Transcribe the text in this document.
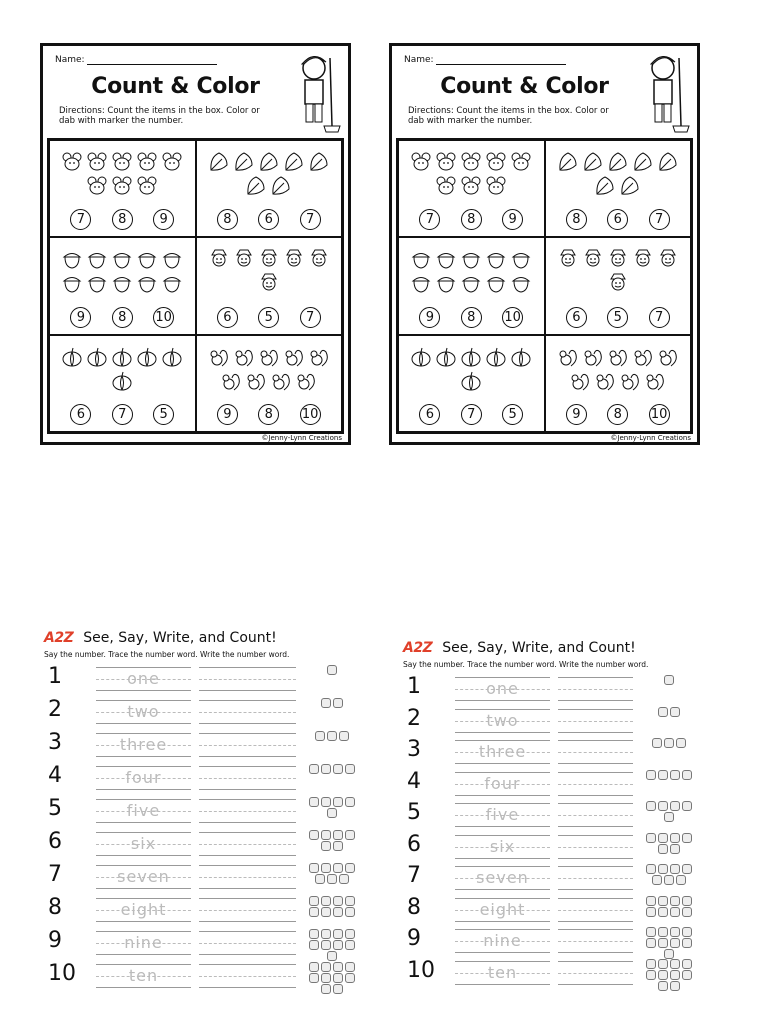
Name:
Count & Color
Directions: Count the items in the box. Color or dab with marker the number.
7	8	9	8	6	7
9	8	10	6	5	7
6	7	5	9	8	10
©Jenny-Lynn Creations
Name:
Count & Color
Directions: Count the items in the box. Color or dab with marker the number.
7	8	9	8	6	7
9	8	10	6	5	7
6	7	5	9	8	10
©Jenny-Lynn Creations
A2Z See, Say, Write, and Count!
Say the number. Trace the number word. Write the number word.
1	one
2	two
3	three
4	four
5	five
6	six
7	seven
8	eight
9	nine
10	ten
A2Z See, Say, Write, and Count!
Say the number. Trace the number word. Write the number word.
1	one
2	two
3	three
4	four
5	five
6	six
7	seven
8	eight
9	nine
10	ten
